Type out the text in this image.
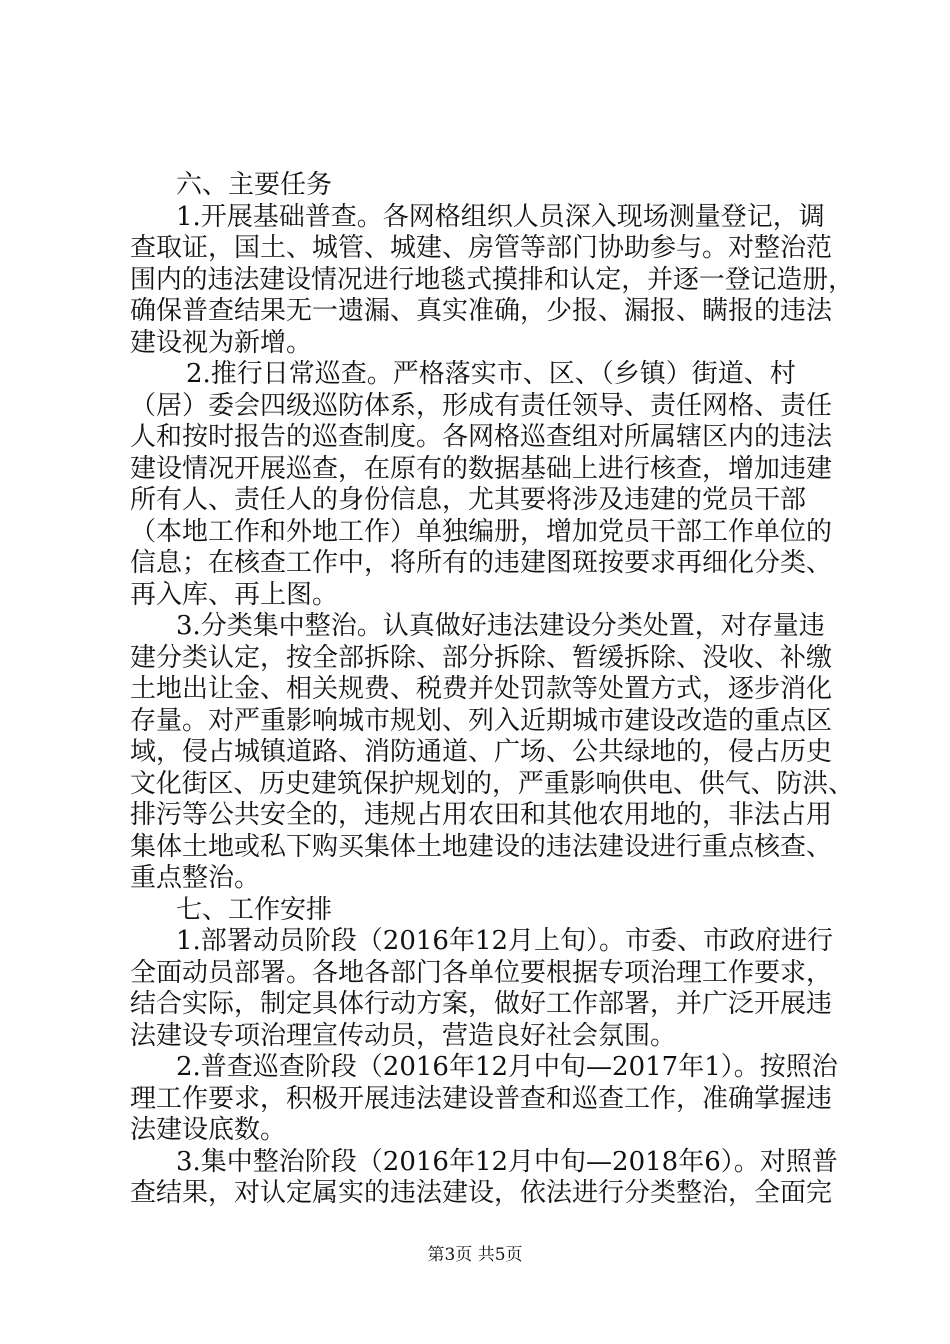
六、主要任务
1.开展基础普查。各网格组织人员深入现场测量登记，调
查取证，国土、城管、城建、房管等部门协助参与。对整治范
围内的违法建设情况进行地毯式摸排和认定，并逐一登记造册，
确保普查结果无一遗漏、真实准确，少报、漏报、瞒报的违法
建设视为新增。
2.推行日常巡查。严格落实市、区、（乡镇）街道、村
（居）委会四级巡防体系，形成有责任领导、责任网格、责任
人和按时报告的巡查制度。各网格巡查组对所属辖区内的违法
建设情况开展巡查，在原有的数据基础上进行核查，增加违建
所有人、责任人的身份信息，尤其要将涉及违建的党员干部
（本地工作和外地工作）单独编册，增加党员干部工作单位的
信息；在核查工作中，将所有的违建图斑按要求再细化分类、
再入库、再上图。
3.分类集中整治。认真做好违法建设分类处置，对存量违
建分类认定，按全部拆除、部分拆除、暂缓拆除、没收、补缴
土地出让金、相关规费、税费并处罚款等处置方式，逐步消化
存量。对严重影响城市规划、列入近期城市建设改造的重点区
域，侵占城镇道路、消防通道、广场、公共绿地的，侵占历史
文化街区、历史建筑保护规划的，严重影响供电、供气、防洪、
排污等公共安全的，违规占用农田和其他农用地的，非法占用
集体土地或私下购买集体土地建设的违法建设进行重点核查、
重点整治。
七、工作安排
1.部署动员阶段（2016年12月上旬）。市委、市政府进行
全面动员部署。各地各部门各单位要根据专项治理工作要求，
结合实际，制定具体行动方案，做好工作部署，并广泛开展违
法建设专项治理宣传动员，营造良好社会氛围。
2.普查巡查阶段（2016年12月中旬—2017年1）。按照治
理工作要求，积极开展违法建设普查和巡查工作，准确掌握违
法建设底数。
3.集中整治阶段（2016年12月中旬—2018年6）。对照普
查结果，对认定属实的违法建设，依法进行分类整治，全面完
第3页 共5页
